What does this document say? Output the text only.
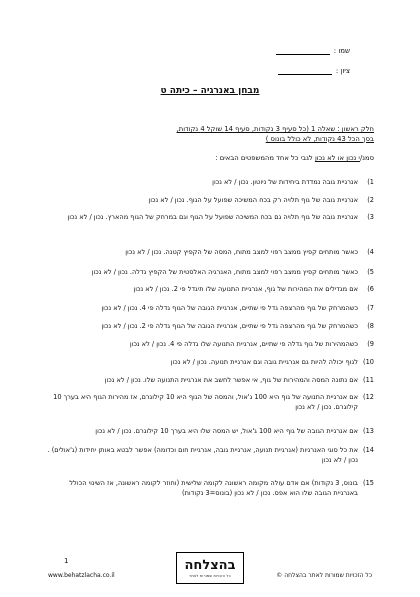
שמו :
ציון :
מבחן באנרגיה – כיתה ט
חלק ראשון : שאלה 1 (כל סעיף 3 נקודות, סעיף 14 שוקל 4 נקודות,
בסך הכל 43 נקודות, לא כולל בונוס )
סמנ/י נכון או לא נכון לגבי כל אחד מהמשפטים הבאים :
1)
אנרגיית גובה נמדדת ביחידות של ניוטון. נכון / לא נכון
2)
אנרגיית גובה של גוף תלויה רק בכח המשיכה שפועל על הגוף. נכון / לא נכון
3)
אנרגיית גובה של גוף תלויה גם בכח המשיכה שפועל על הגוף וגם במרחק של הגוף מהארץ. נכון / לא נכון
4)
כאשר מותחים קפיץ ממצב רפוי למצב מתוח, המסה של הקפיץ קטנה. נכון / לא נכון
5)
כאשר מותחים קפיץ ממצב רפוי למצב מתוח, האנרגיה האלסטית של הקפיץ גדלה. נכון / לא נכון
6)
אם מגדילים את המהירות של גוף, אנרגיית התנועה שלו תיגדל פי 2. נכון / לא נכון
7)
כשהמרחק של גוף מהרצפה גדל פי שתיים, אנרגיית הגובה של הגוף גדלה פי 4. נכון / לא נכון
8)
כשהמרחק של גוף מהרצפה גדל פי שתיים, אנרגיית הגובה של הגוף גדלה פי 2. נכון / לא נכון
9)
כשהמהירות של גוף גדלה פי שתיים, אנרגיית התנועה שלו גדלה פי 4. נכון / לא נכון
10)
לגוף יכולה להיות גם אנרגיית גובה וגם אנרגיית תנועה. נכון / לא נכון
11)
אם נתונה המסה והמהירות של גוף, אי אפשר לחשב את אנרגיית התנועה שלו. נכון / לא נכון
12)
אם אנרגיית התנועה של גוף היא 100 ג'אול, והמסה של הגוף היא 10 קילוגרם, אז מהירות הגוף היא בערך 10 קילוגרם. נכון / לא נכון
13)
אם אנרגיית הגובה של גוף היא 100 ג'אול, יש המסה שלו היא בערך 10 קילוגרם. נכון / לא נכון
14)
את כל סוגי האנרגיות (אנרגיית תנועה, אנרגיית גובה, אנרגיית חום וכדומה) אפשר לבטא באותן יחידות (ג'אולים) . נכון / לא נכון
15)
בונוס, 3 נקודות) אם אדם עולה מקומה ראשונה לקומה שלישית (וחוזר לקומה ראשונה, אז השינוי הכולל באנרגיית הגובה שלו הוא אפס. נכון / לא נכון (בונוס=3 נקודות)
1	בהצלחה
כל הזכויות שמורות לאתר
www.behatzlacha.co.il	כל הזכויות שמורות לאתר בהצלחה ©
